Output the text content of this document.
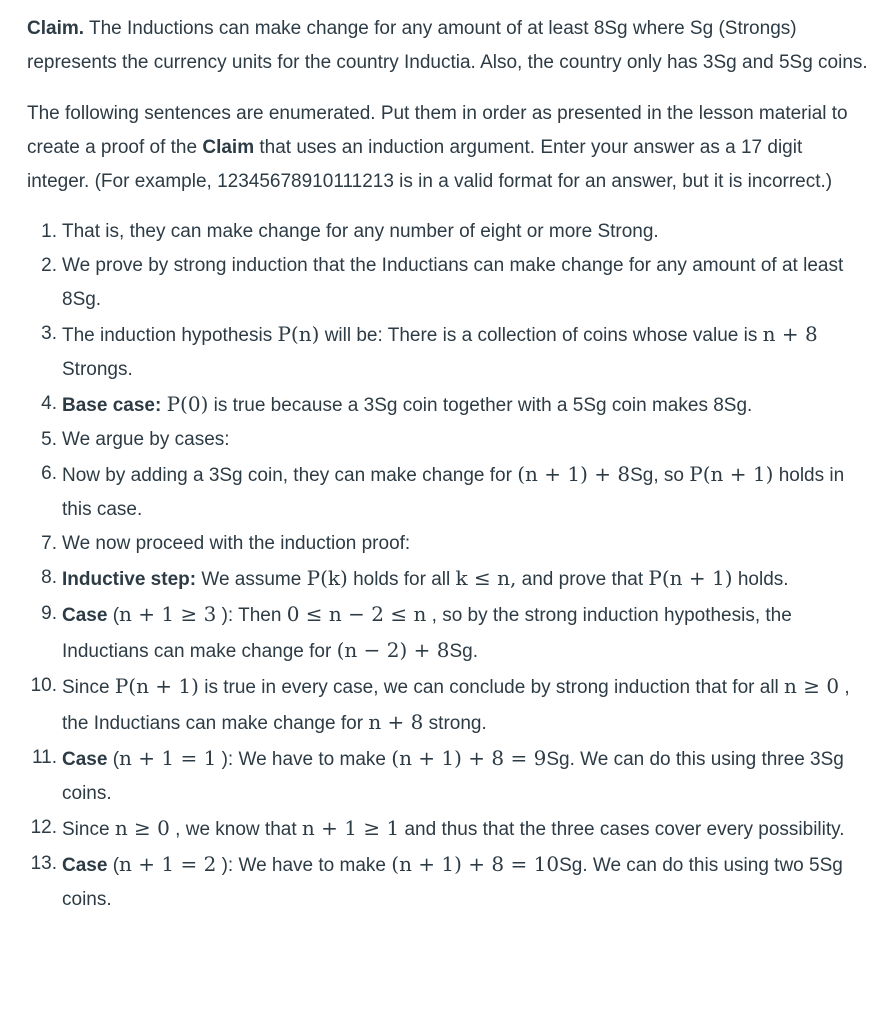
Claim. The Inductions can make change for any amount of at least 8Sg where Sg (Strongs) represents the currency units for the country Inductia. Also, the country only has 3Sg and 5Sg coins.

The following sentences are enumerated. Put them in order as presented in the lesson material to create a proof of the Claim that uses an induction argument. Enter your answer as a 17 digit integer. (For example, 12345678910111213 is in a valid format for an answer, but it is incorrect.)

1. That is, they can make change for any number of eight or more Strong.
2. We prove by strong induction that the Inductians can make change for any amount of at least 8Sg.
3. The induction hypothesis P(n) will be: There is a collection of coins whose value is n + 8 Strongs.
4. Base case: P(0) is true because a 3Sg coin together with a 5Sg coin makes 8Sg.
5. We argue by cases:
6. Now by adding a 3Sg coin, they can make change for (n + 1) + 8Sg, so P(n + 1) holds in this case.
7. We now proceed with the induction proof:
8. Inductive step: We assume P(k) holds for all k ≤ n, and prove that P(n + 1) holds.
9. Case (n + 1 ≥ 3 ): Then 0 ≤ n − 2 ≤ n , so by the strong induction hypothesis, the Inductians can make change for (n − 2) + 8Sg.
10. Since P(n + 1) is true in every case, we can conclude by strong induction that for all n ≥ 0 , the Inductians can make change for n + 8 strong.
11. Case (n + 1 = 1 ): We have to make (n + 1) + 8 = 9Sg. We can do this using three 3Sg coins.
12. Since n ≥ 0 , we know that n + 1 ≥ 1 and thus that the three cases cover every possibility.
13. Case (n + 1 = 2 ): We have to make (n + 1) + 8 = 10Sg. We can do this using two 5Sg coins.
